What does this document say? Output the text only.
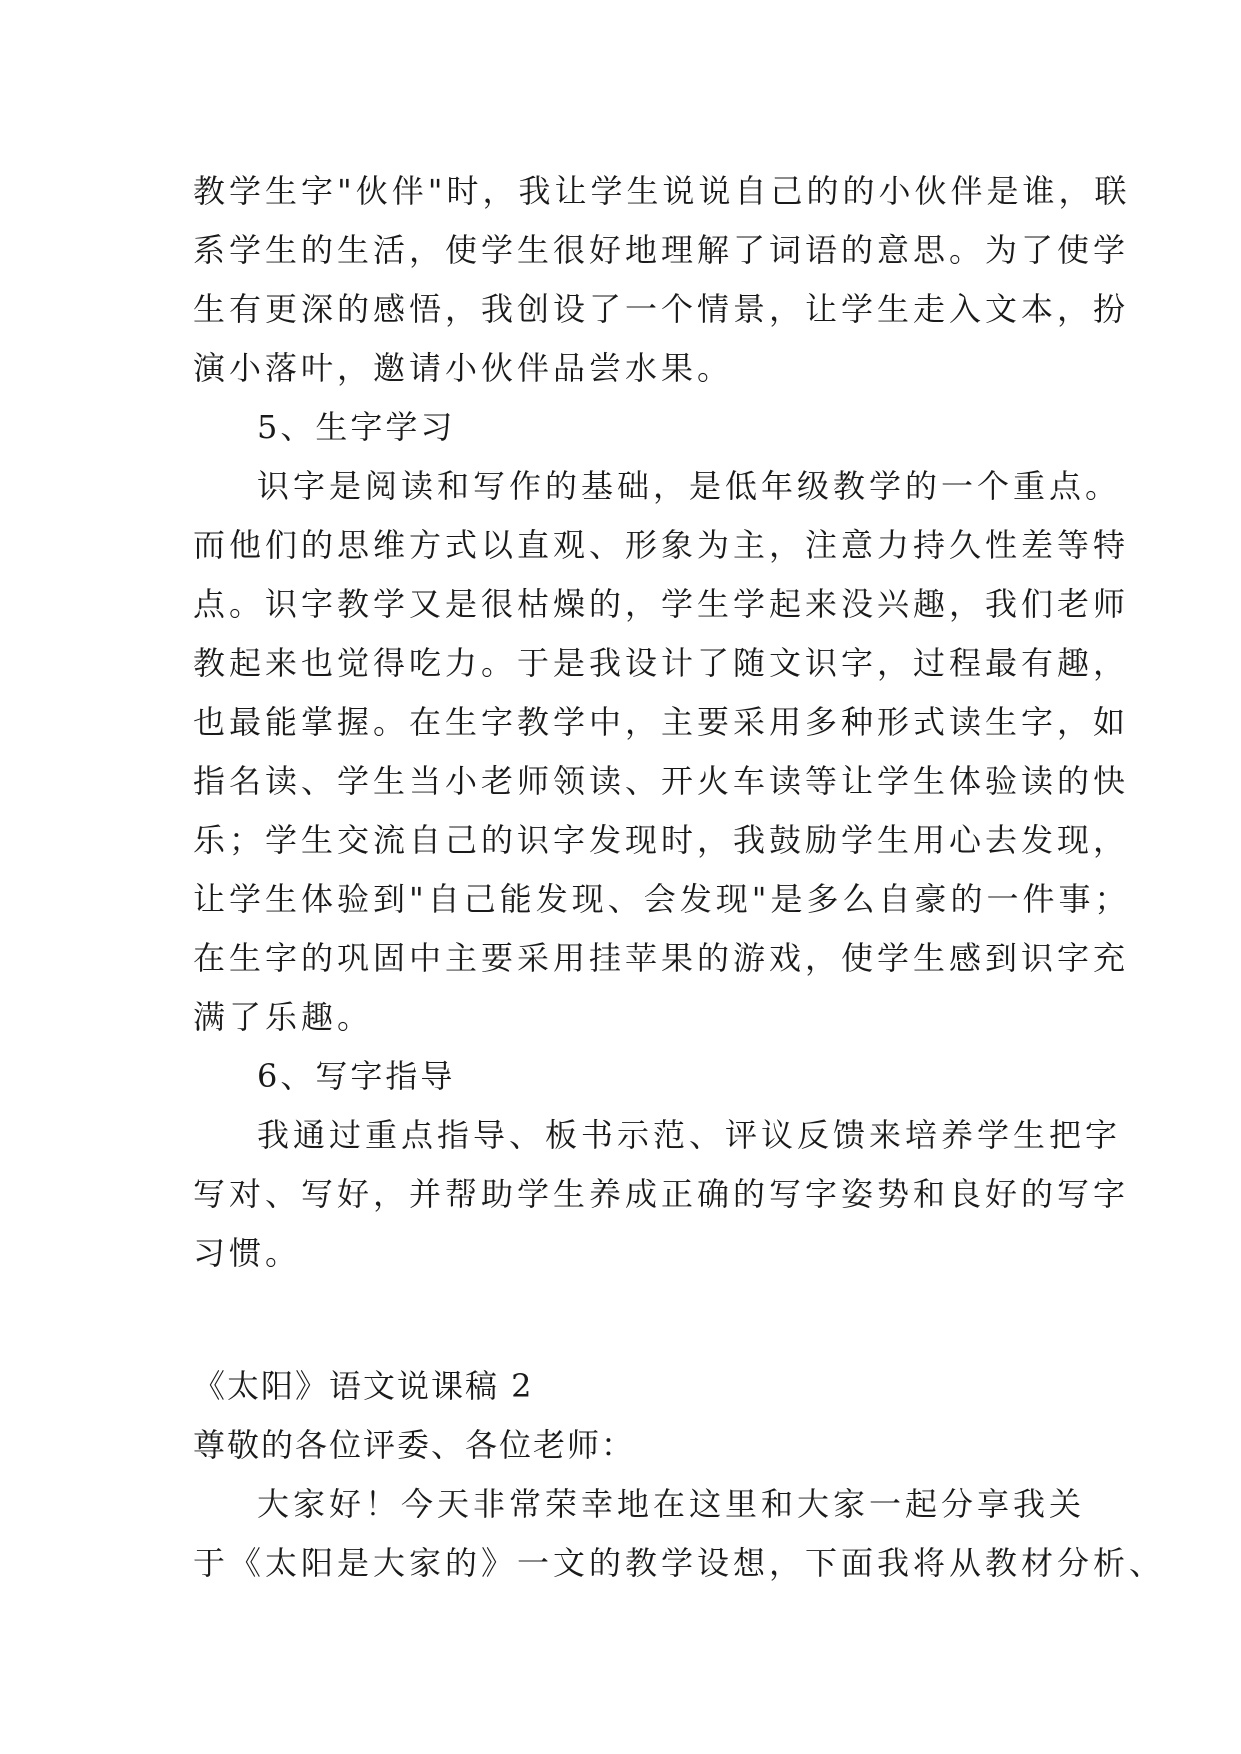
教学生字"伙伴"时，我让学生说说自己的的小伙伴是谁，联
系学生的生活，使学生很好地理解了词语的意思。为了使学
生有更深的感悟，我创设了一个情景，让学生走入文本，扮
演小落叶，邀请小伙伴品尝水果。
5、生字学习
识字是阅读和写作的基础，是低年级教学的一个重点。
而他们的思维方式以直观、形象为主，注意力持久性差等特
点。识字教学又是很枯燥的，学生学起来没兴趣，我们老师
教起来也觉得吃力。于是我设计了随文识字，过程最有趣，
也最能掌握。在生字教学中，主要采用多种形式读生字，如
指名读、学生当小老师领读、开火车读等让学生体验读的快
乐；学生交流自己的识字发现时，我鼓励学生用心去发现，
让学生体验到"自己能发现、会发现"是多么自豪的一件事；
在生字的巩固中主要采用挂苹果的游戏，使学生感到识字充
满了乐趣。
6、写字指导
我通过重点指导、板书示范、评议反馈来培养学生把字
写对、写好，并帮助学生养成正确的写字姿势和良好的写字
习惯。
《太阳》语文说课稿 2
尊敬的各位评委、各位老师：
大家好！今天非常荣幸地在这里和大家一起分享我关
于《太阳是大家的》一文的教学设想，下面我将从教材分析、
